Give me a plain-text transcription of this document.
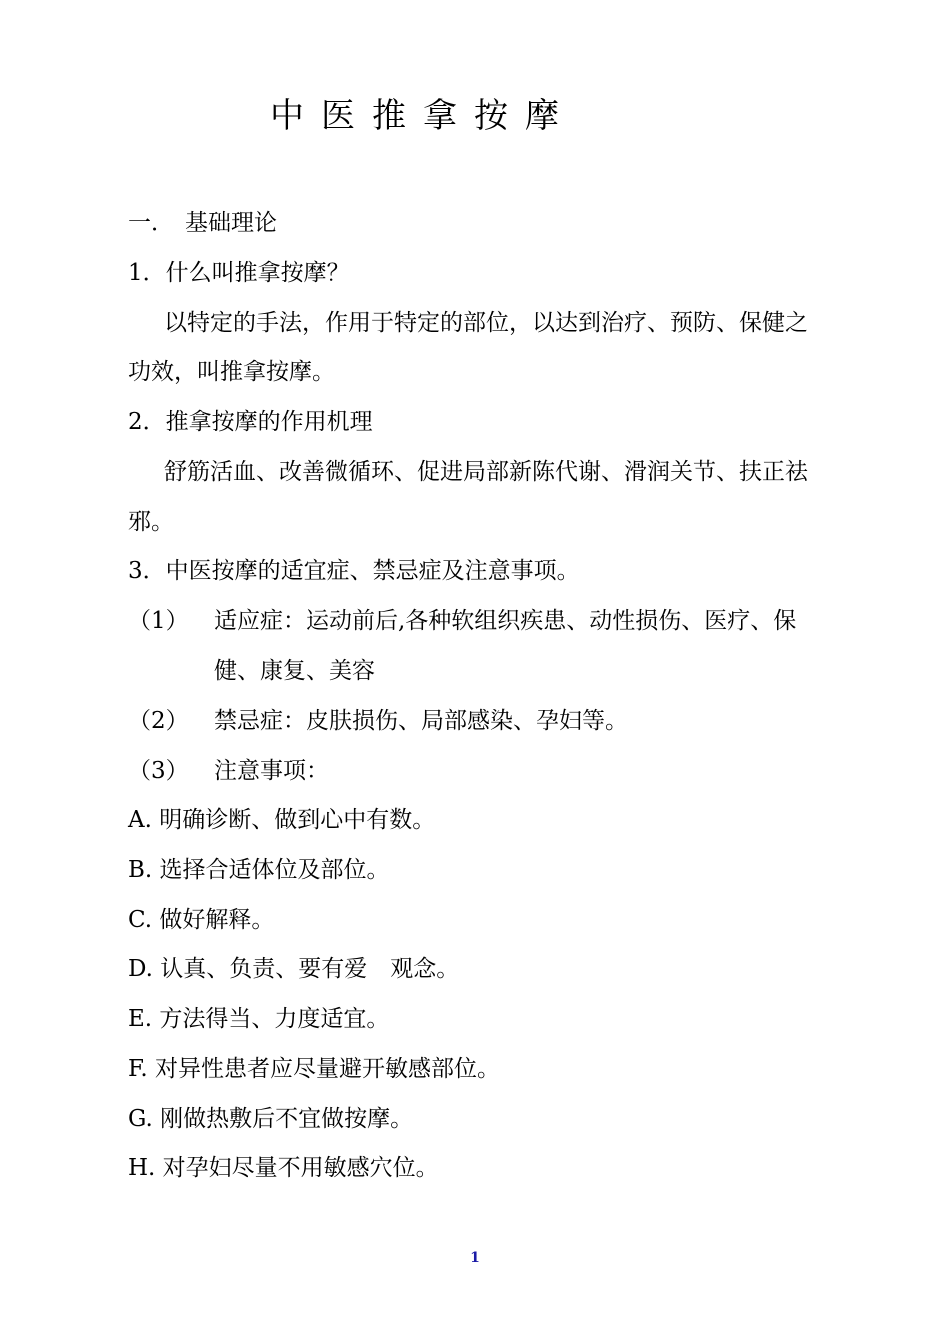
中医推拿按摩
一． 基础理论
1．什么叫推拿按摩？
以特定的手法，作用于特定的部位，以达到治疗、预防、保健之
功效，叫推拿按摩。
2．推拿按摩的作用机理
舒筋活血、改善微循环、促进局部新陈代谢、滑润关节、扶正祛
邪。
3．中医按摩的适宜症、禁忌症及注意事项。
（1） 适应症：运动前后,各种软组织疾患、动性损伤、医疗、保
健、康复、美容
（2） 禁忌症：皮肤损伤、局部感染、孕妇等。
（3） 注意事项：
A. 明确诊断、做到心中有数。
B. 选择合适体位及部位。
C. 做好解释。
D. 认真、负责、要有爱　观念。
E. 方法得当、力度适宜。
F. 对异性患者应尽量避开敏感部位。
G. 刚做热敷后不宜做按摩。
H. 对孕妇尽量不用敏感穴位。
1
